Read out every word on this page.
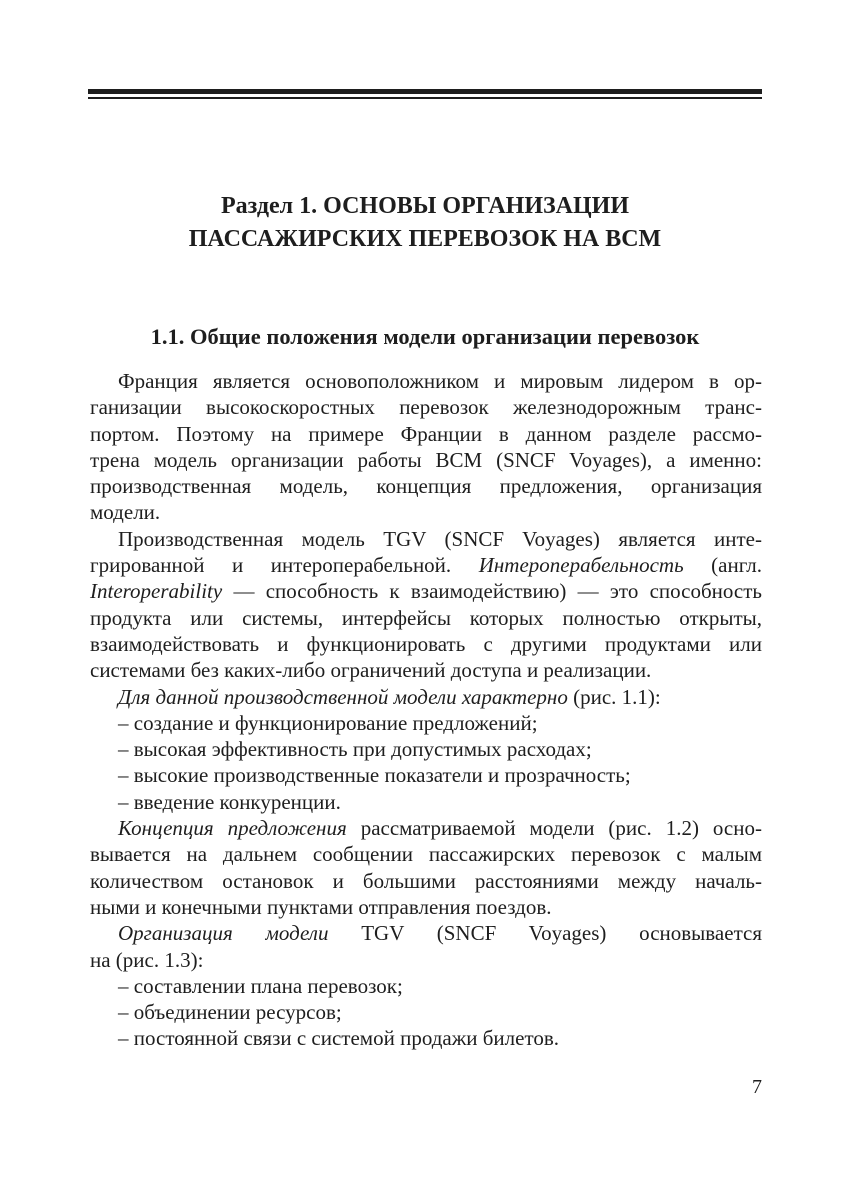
Раздел 1. ОСНОВЫ ОРГАНИЗАЦИИ
ПАССАЖИРСКИХ ПЕРЕВОЗОК НА ВСМ
1.1. Общие положения модели организации перевозок
Франция является основоположником и мировым лидером в ор-
ганизации высокоскоростных перевозок железнодорожным транс-
портом. Поэтому на примере Франции в данном разделе рассмо-
трена модель организации работы ВСМ (SNCF Voyages), а именно:
производственная модель, концепция предложения, организация
модели.
Производственная модель TGV (SNCF Voyages) является инте-
грированной и интероперабельной. Интероперабельность (англ.
Interoperability — способность к взаимодействию) — это способность
продукта или системы, интерфейсы которых полностью открыты,
взаимодействовать и функционировать с другими продуктами или
системами без каких-либо ограничений доступа и реализации.
Для данной производственной модели характерно (рис. 1.1):
– создание и функционирование предложений;
– высокая эффективность при допустимых расходах;
– высокие производственные показатели и прозрачность;
– введение конкуренции.
Концепция предложения рассматриваемой модели (рис. 1.2) осно-
вывается на дальнем сообщении пассажирских перевозок с малым
количеством остановок и большими расстояниями между началь-
ными и конечными пунктами отправления поездов.
Организация модели TGV (SNCF Voyages) основывается
на (рис. 1.3):
– составлении плана перевозок;
– объединении ресурсов;
– постоянной связи с системой продажи билетов.
7
